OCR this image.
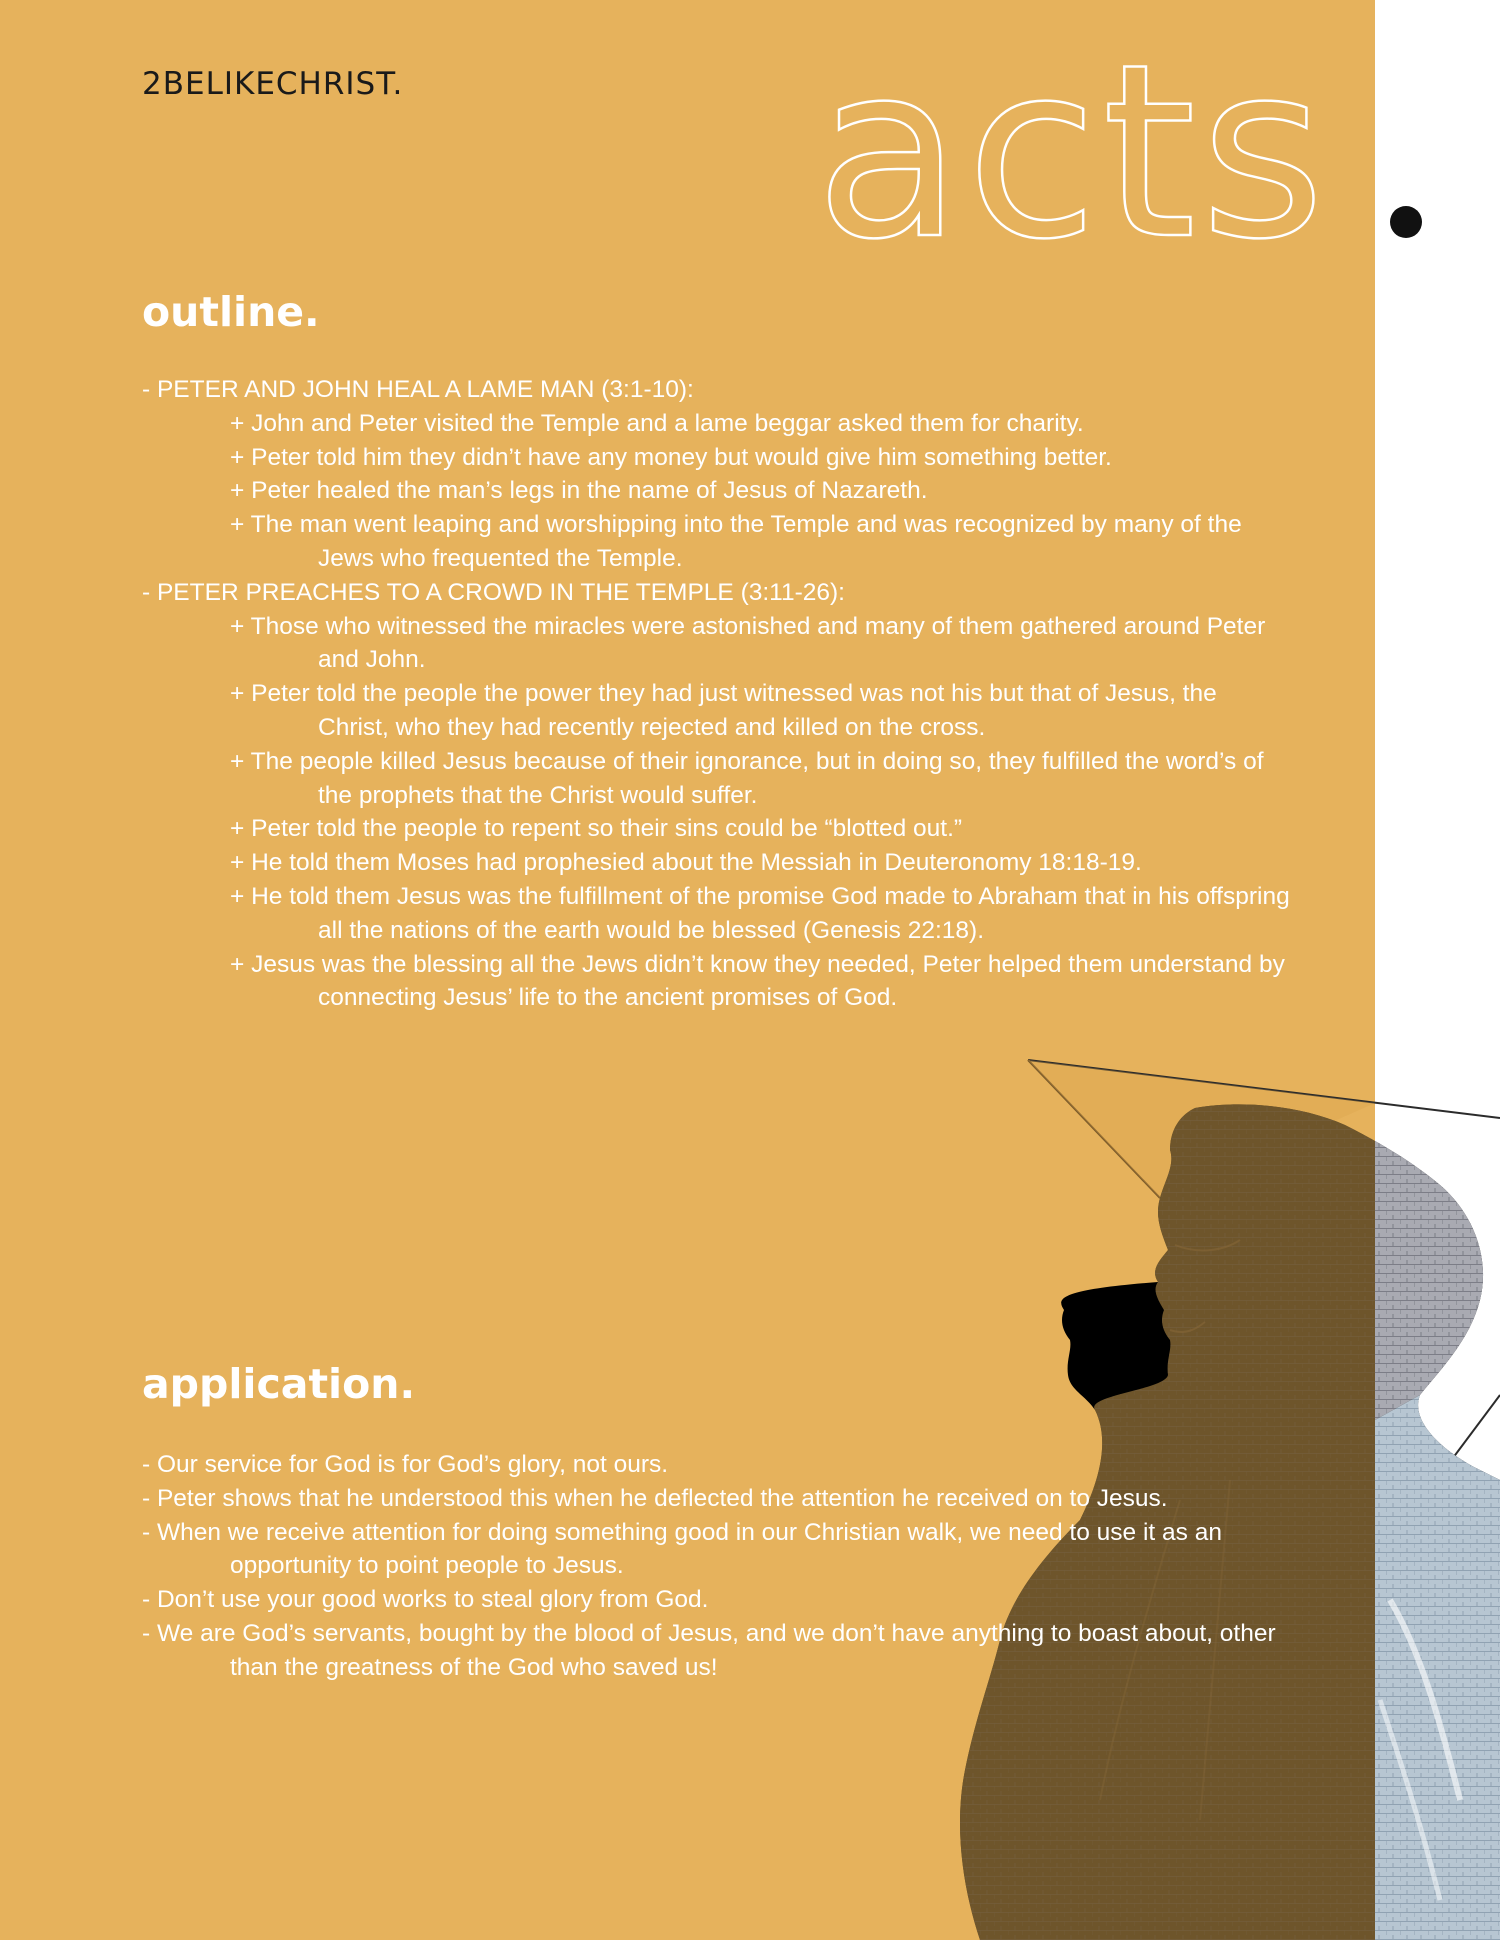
2BELIKECHRIST. acts
outline.
- PETER AND JOHN HEAL A LAME MAN (3:1-10):
+ John and Peter visited the Temple and a lame beggar asked them for charity.
+ Peter told him they didn’t have any money but would give him something better.
+ Peter healed the man’s legs in the name of Jesus of Nazareth.
+ The man went leaping and worshipping into the Temple and was recognized by many of the Jews who frequented the Temple.
- PETER PREACHES TO A CROWD IN THE TEMPLE (3:11-26):
+ Those who witnessed the miracles were astonished and many of them gathered around Peter and John.
+ Peter told the people the power they had just witnessed was not his but that of Jesus, the Christ, who they had recently rejected and killed on the cross.
+ The people killed Jesus because of their ignorance, but in doing so, they fulfilled the word’s of the prophets that the Christ would suffer.
+ Peter told the people to repent so their sins could be “blotted out.”
+ He told them Moses had prophesied about the Messiah in Deuteronomy 18:18-19.
+ He told them Jesus was the fulfillment of the promise God made to Abraham that in his offspring all the nations of the earth would be blessed (Genesis 22:18).
+ Jesus was the blessing all the Jews didn’t know they needed, Peter helped them understand by connecting Jesus’ life to the ancient promises of God.
application.
- Our service for God is for God’s glory, not ours.
- Peter shows that he understood this when he deflected the attention he received on to Jesus.
- When we receive attention for doing something good in our Christian walk, we need to use it as an opportunity to point people to Jesus.
- Don’t use your good works to steal glory from God.
- We are God’s servants, bought by the blood of Jesus, and we don’t have anything to boast about, other than the greatness of the God who saved us!
